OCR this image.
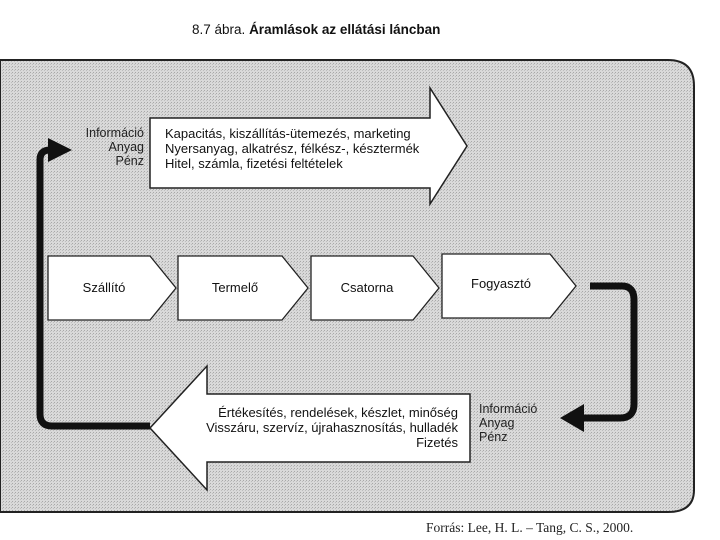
8.7 ábra. Áramlások az ellátási láncban
Információ
Anyag
Pénz
Kapacitás, kiszállítás-ütemezés, marketing
Nyersanyag, alkatrész, félkész-, késztermék
Hitel, számla, fizetési feltételek
Szállító	Termelő	Csatorna	Fogyasztó
Értékesítés, rendelések, készlet, minőség
Visszáru, szervíz, újrahasznosítás, hulladék
Fizetés
Információ
Anyag
Pénz
Forrás: Lee, H. L. – Tang, C. S., 2000.
